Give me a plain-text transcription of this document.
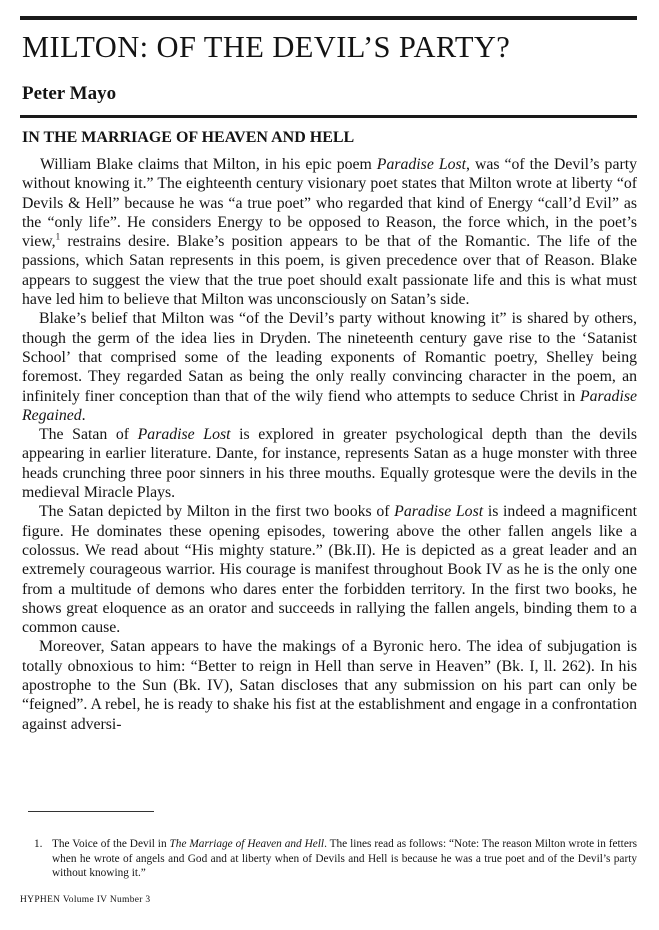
MILTON: OF THE DEVIL’S PARTY?
Peter Mayo
IN THE MARRIAGE OF HEAVEN AND HELL

William Blake claims that Milton, in his epic poem Paradise Lost, was “of the Devil’s party without knowing it.” The eighteenth century visionary poet states that Milton wrote at liberty “of Devils & Hell” because he was “a true poet” who regarded that kind of Energy “call’d Evil” as the “only life”. He considers Energy to be opposed to Reason, the force which, in the poet’s view,$^1$ restrains desire. Blake’s position appears to be that of the Romantic. The life of the passions, which Satan represents in this poem, is given precedence over that of Reason. Blake appears to suggest the view that the true poet should exalt passionate life and this is what must have led him to believe that Milton was unconsciously on Satan’s side.

Blake’s belief that Milton was “of the Devil’s party without knowing it” is shared by others, though the germ of the idea lies in Dryden. The nineteenth century gave rise to the ‘Satanist School’ that comprised some of the leading exponents of Romantic poetry, Shelley being foremost. They regarded Satan as being the only really convincing character in the poem, an infinitely finer conception than that of the wily fiend who attempts to seduce Christ in Paradise Regained.

The Satan of Paradise Lost is explored in greater psychological depth than the devils appearing in earlier literature. Dante, for instance, represents Satan as a huge monster with three heads crunching three poor sinners in his three mouths. Equally grotesque were the devils in the medieval Miracle Plays.

The Satan depicted by Milton in the first two books of Paradise Lost is indeed a magnificent figure. He dominates these opening episodes, towering above the other fallen angels like a colossus. We read about “His mighty stature.” (Bk.II). He is depicted as a great leader and an extremely courageous warrior. His courage is manifest throughout Book IV as he is the only one from a multitude of demons who dares enter the forbidden territory. In the first two books, he shows great eloquence as an orator and succeeds in rallying the fallen angels, binding them to a common cause.

Moreover, Satan appears to have the makings of a Byronic hero. The idea of subjugation is totally obnoxious to him: “Better to reign in Hell than serve in Heaven” (Bk. I, ll. 262). In his apostrophe to the Sun (Bk. IV), Satan discloses that any submission on his part can only be “feigned”. A rebel, he is ready to shake his fist at the establishment and engage in a confrontation against adversi-

1. The Voice of the Devil in The Marriage of Heaven and Hell. The lines read as follows: “Note: The reason Milton wrote in fetters when he wrote of angels and God and at liberty when of Devils and Hell is because he was a true poet and of the Devil’s party without knowing it.”
HYPHEN Volume IV Number 3
